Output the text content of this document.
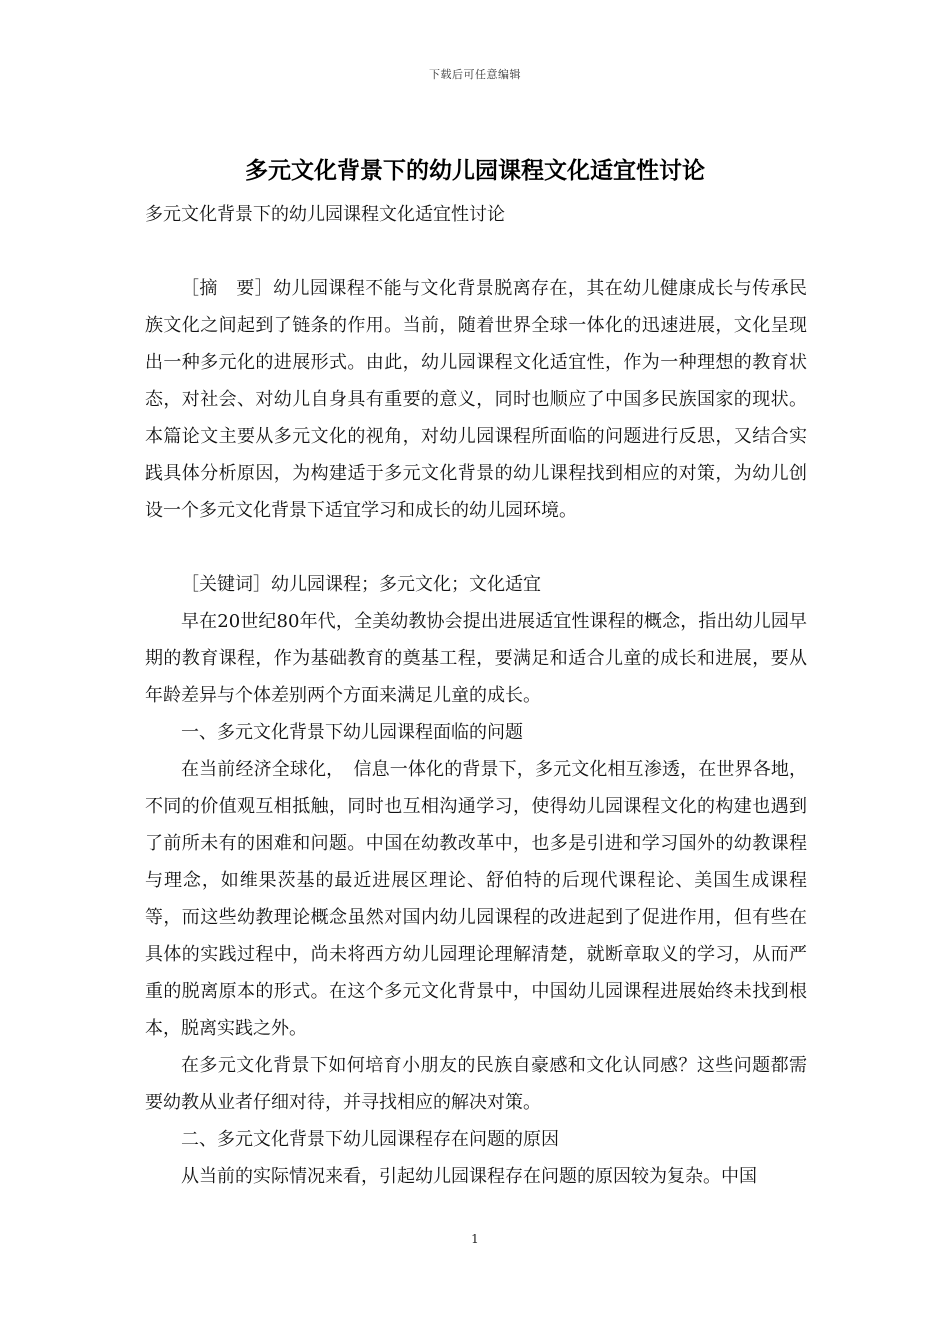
下载后可任意编辑
多元文化背景下的幼儿园课程文化适宜性讨论

多元文化背景下的幼儿园课程文化适宜性讨论

［摘　要］幼儿园课程不能与文化背景脱离存在，其在幼儿健康成长与传承民族文化之间起到了链条的作用。当前，随着世界全球一体化的迅速进展，文化呈现出一种多元化的进展形式。由此，幼儿园课程文化适宜性，作为一种理想的教育状态，对社会、对幼儿自身具有重要的意义，同时也顺应了中国多民族国家的现状。本篇论文主要从多元文化的视角，对幼儿园课程所面临的问题进行反思，又结合实践具体分析原因，为构建适于多元文化背景的幼儿课程找到相应的对策，为幼儿创设一个多元文化背景下适宜学习和成长的幼儿园环境。

［关键词］幼儿园课程；多元文化；文化适宜

早在20世纪80年代，全美幼教协会提出进展适宜性课程的概念，指出幼儿园早期的教育课程，作为基础教育的奠基工程，要满足和适合儿童的成长和进展，要从年龄差异与个体差别两个方面来满足儿童的成长。

一、多元文化背景下幼儿园课程面临的问题

在当前经济全球化，　信息一体化的背景下，多元文化相互渗透，在世界各地，不同的价值观互相抵触，同时也互相沟通学习，使得幼儿园课程文化的构建也遇到了前所未有的困难和问题。中国在幼教改革中，也多是引进和学习国外的幼教课程与理念，如维果茨基的最近进展区理论、舒伯特的后现代课程论、美国生成课程等，而这些幼教理论概念虽然对国内幼儿园课程的改进起到了促进作用，但有些在具体的实践过程中，尚未将西方幼儿园理论理解清楚，就断章取义的学习，从而严重的脱离原本的形式。在这个多元文化背景中，中国幼儿园课程进展始终未找到根本，脱离实践之外。

在多元文化背景下如何培育小朋友的民族自豪感和文化认同感？这些问题都需要幼教从业者仔细对待，并寻找相应的解决对策。

二、多元文化背景下幼儿园课程存在问题的原因

从当前的实际情况来看，引起幼儿园课程存在问题的原因较为复杂。中国

1
